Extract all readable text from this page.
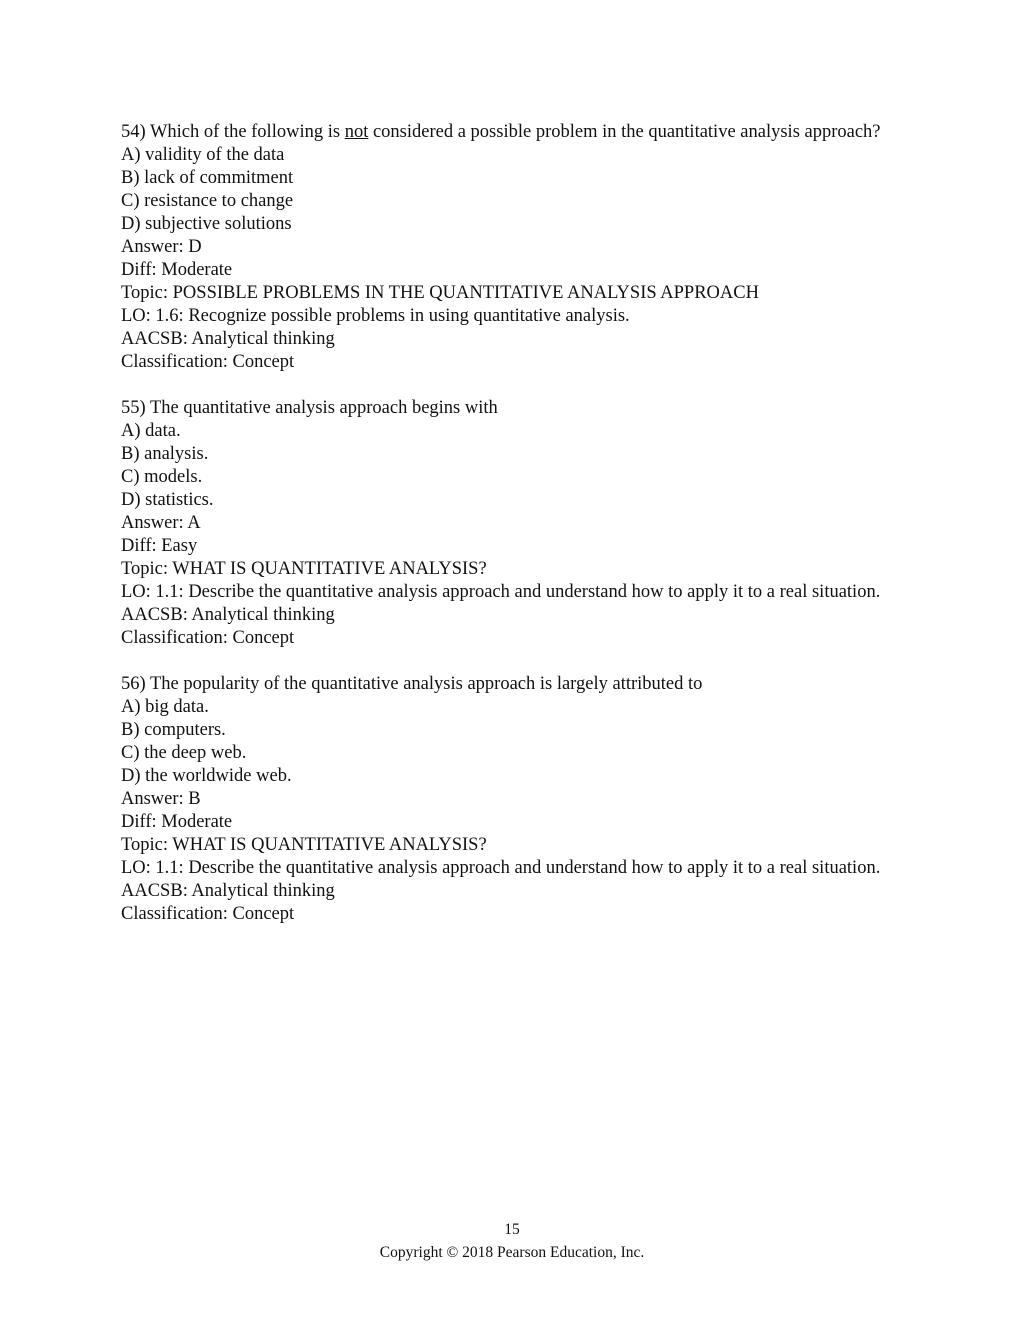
54) Which of the following is not considered a possible problem in the quantitative analysis approach?

A) validity of the data

B) lack of commitment

C) resistance to change

D) subjective solutions

Answer: D

Diff: Moderate

Topic: POSSIBLE PROBLEMS IN THE QUANTITATIVE ANALYSIS APPROACH

LO: 1.6: Recognize possible problems in using quantitative analysis.

AACSB: Analytical thinking

Classification: Concept

55) The quantitative analysis approach begins with

A) data.

B) analysis.

C) models.

D) statistics.

Answer: A

Diff: Easy

Topic: WHAT IS QUANTITATIVE ANALYSIS?

LO: 1.1: Describe the quantitative analysis approach and understand how to apply it to a real situation.

AACSB: Analytical thinking

Classification: Concept

56) The popularity of the quantitative analysis approach is largely attributed to

A) big data.

B) computers.

C) the deep web.

D) the worldwide web.

Answer: B

Diff: Moderate

Topic: WHAT IS QUANTITATIVE ANALYSIS?

LO: 1.1: Describe the quantitative analysis approach and understand how to apply it to a real situation.

AACSB: Analytical thinking

Classification: Concept

15
Copyright © 2018 Pearson Education, Inc.
